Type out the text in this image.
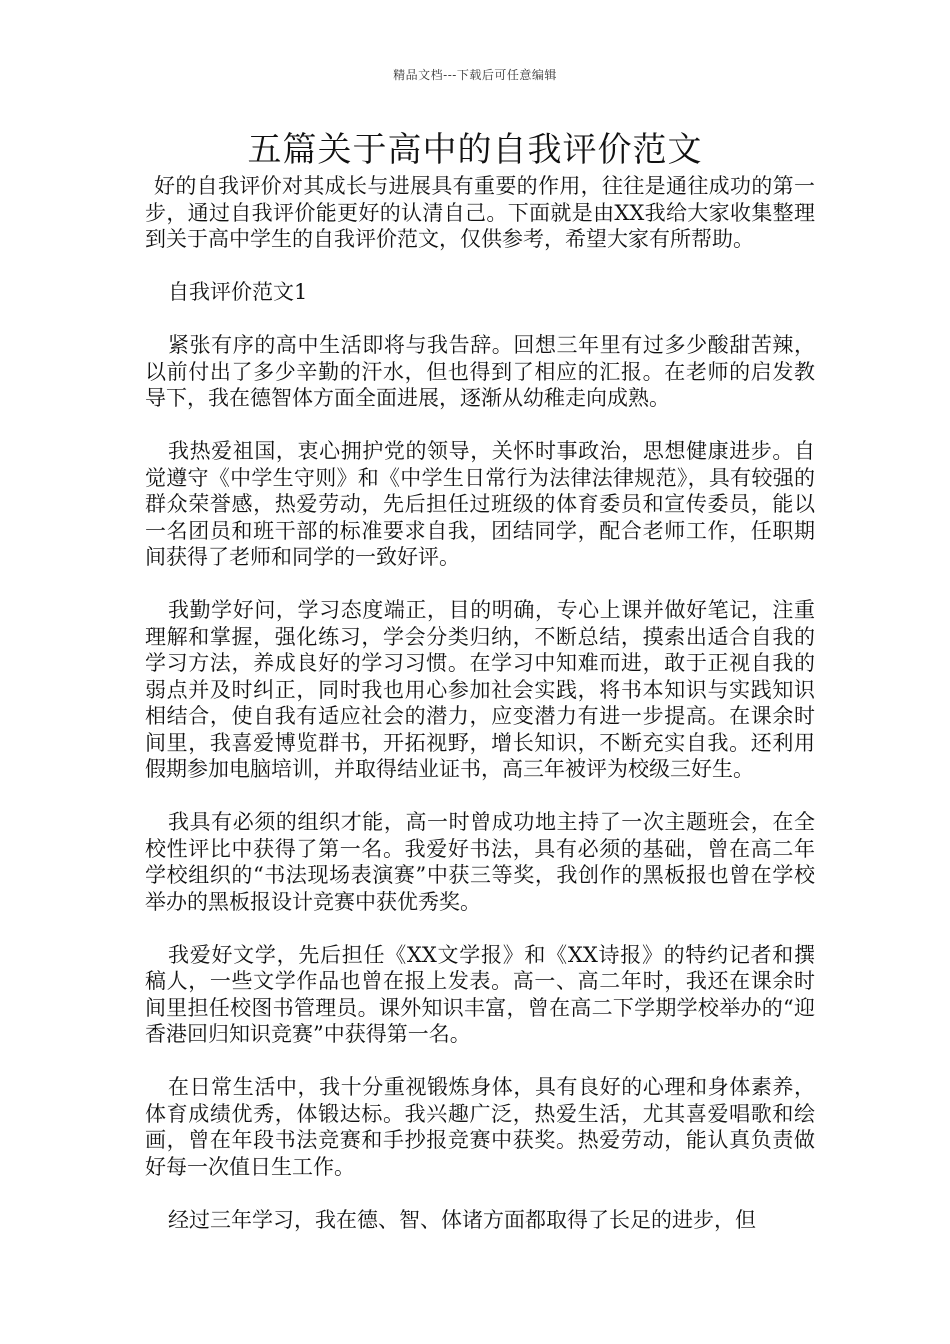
精品文档---下载后可任意编辑
五篇关于高中的自我评价范文

好的自我评价对其成长与进展具有重要的作用，往往是通往成功的第一步，通过自我评价能更好的认清自己。下面就是由XX我给大家收集整理到关于高中学生的自我评价范文，仅供参考，希望大家有所帮助。

自我评价范文1

紧张有序的高中生活即将与我告辞。回想三年里有过多少酸甜苦辣，以前付出了多少辛勤的汗水，但也得到了相应的汇报。在老师的启发教导下，我在德智体方面全面进展，逐渐从幼稚走向成熟。

我热爱祖国，衷心拥护党的领导，关怀时事政治，思想健康进步。自觉遵守《中学生守则》和《中学生日常行为法律法律规范》，具有较强的群众荣誉感，热爱劳动，先后担任过班级的体育委员和宣传委员，能以一名团员和班干部的标准要求自我，团结同学，配合老师工作，任职期间获得了老师和同学的一致好评。

我勤学好问，学习态度端正，目的明确，专心上课并做好笔记，注重理解和掌握，强化练习，学会分类归纳，不断总结，摸索出适合自我的学习方法，养成良好的学习习惯。在学习中知难而进，敢于正视自我的弱点并及时纠正，同时我也用心参加社会实践，将书本知识与实践知识相结合，使自我有适应社会的潜力，应变潜力有进一步提高。在课余时间里，我喜爱博览群书，开拓视野，增长知识，不断充实自我。还利用假期参加电脑培训，并取得结业证书，高三年被评为校级三好生。

我具有必须的组织才能，高一时曾成功地主持了一次主题班会，在全校性评比中获得了第一名。我爱好书法，具有必须的基础，曾在高二年学校组织的“书法现场表演赛”中获三等奖，我创作的黑板报也曾在学校举办的黑板报设计竞赛中获优秀奖。

我爱好文学，先后担任《XX文学报》和《XX诗报》的特约记者和撰稿人，一些文学作品也曾在报上发表。高一、高二年时，我还在课余时间里担任校图书管理员。课外知识丰富，曾在高二下学期学校举办的“迎香港回归知识竞赛”中获得第一名。

在日常生活中，我十分重视锻炼身体，具有良好的心理和身体素养，体育成绩优秀，体锻达标。我兴趣广泛，热爱生活，尤其喜爱唱歌和绘画，曾在年段书法竞赛和手抄报竞赛中获奖。热爱劳动，能认真负责做好每一次值日生工作。

经过三年学习，我在德、智、体诸方面都取得了长足的进步，但
